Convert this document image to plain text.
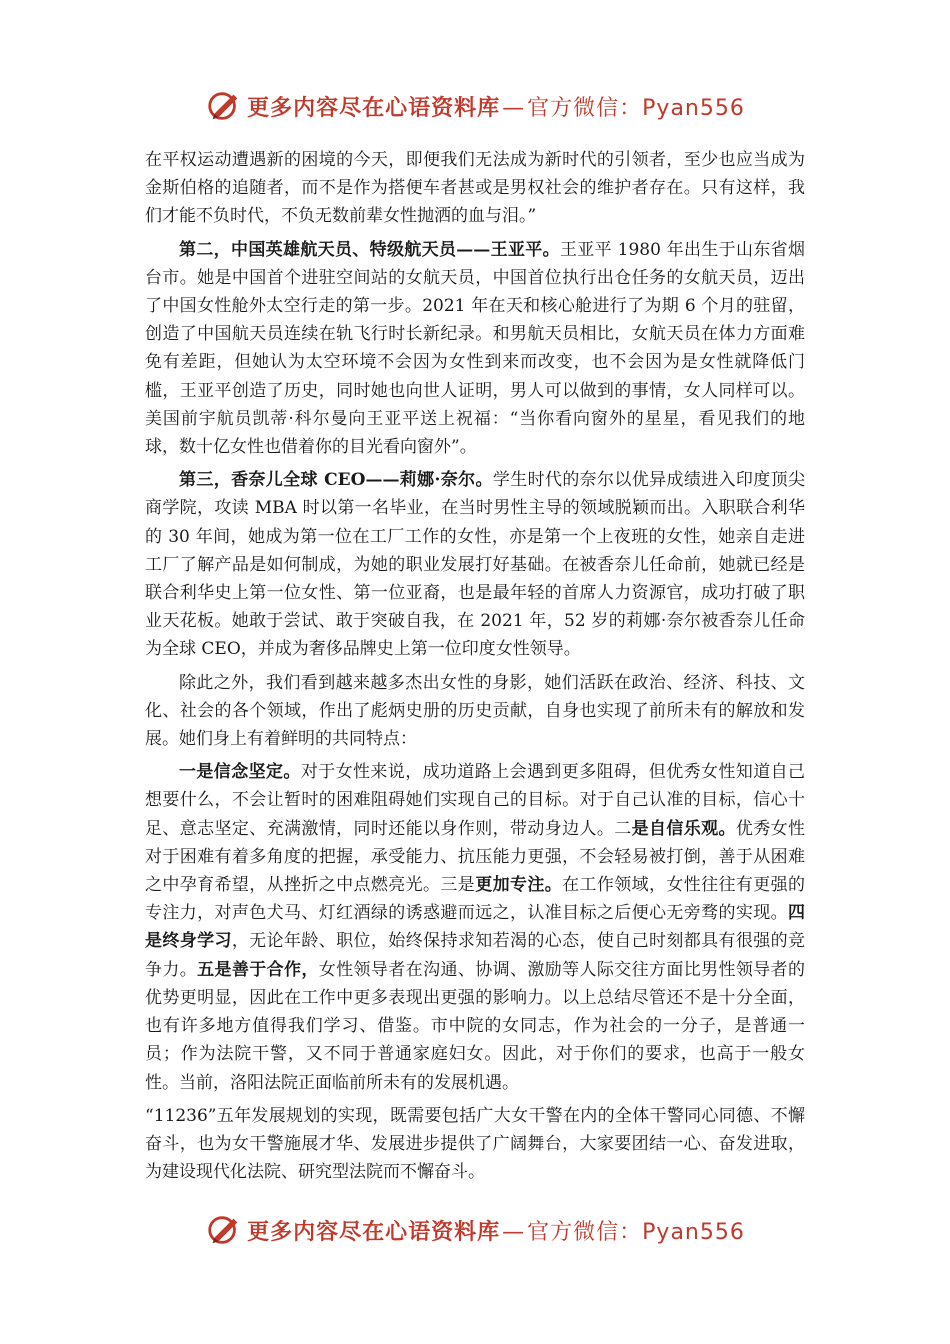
更多内容尽在心语资料库—官方微信：Pyan556

在平权运动遭遇新的困境的今天，即便我们无法成为新时代的引领者，至少也应当成为金斯伯格的追随者，而不是作为搭便车者甚或是男权社会的维护者存在。只有这样，我们才能不负时代，不负无数前辈女性抛洒的血与泪。”

第二，中国英雄航天员、特级航天员——王亚平。王亚平 1980 年出生于山东省烟台市。她是中国首个进驻空间站的女航天员，中国首位执行出仓任务的女航天员，迈出了中国女性舱外太空行走的第一步。2021 年在天和核心舱进行了为期 6 个月的驻留，创造了中国航天员连续在轨飞行时长新纪录。和男航天员相比，女航天员在体力方面难免有差距，但她认为太空环境不会因为女性到来而改变，也不会因为是女性就降低门槛，王亚平创造了历史，同时她也向世人证明，男人可以做到的事情，女人同样可以。美国前宇航员凯蒂·科尔曼向王亚平送上祝福：“当你看向窗外的星星，看见我们的地球，数十亿女性也借着你的目光看向窗外”。

第三，香奈儿全球 CEO——莉娜·奈尔。学生时代的奈尔以优异成绩进入印度顶尖商学院，攻读 MBA 时以第一名毕业，在当时男性主导的领域脱颖而出。入职联合利华的 30 年间，她成为第一位在工厂工作的女性，亦是第一个上夜班的女性，她亲自走进工厂了解产品是如何制成，为她的职业发展打好基础。在被香奈儿任命前，她就已经是联合利华史上第一位女性、第一位亚裔，也是最年轻的首席人力资源官，成功打破了职业天花板。她敢于尝试、敢于突破自我，在 2021 年，52 岁的莉娜·奈尔被香奈儿任命为全球 CEO，并成为奢侈品牌史上第一位印度女性领导。

除此之外，我们看到越来越多杰出女性的身影，她们活跃在政治、经济、科技、文化、社会的各个领域，作出了彪炳史册的历史贡献，自身也实现了前所未有的解放和发展。她们身上有着鲜明的共同特点：

一是信念坚定。对于女性来说，成功道路上会遇到更多阻碍，但优秀女性知道自己想要什么，不会让暂时的困难阻碍她们实现自己的目标。对于自己认准的目标，信心十足、意志坚定、充满激情，同时还能以身作则，带动身边人。二是自信乐观。优秀女性对于困难有着多角度的把握，承受能力、抗压能力更强，不会轻易被打倒，善于从困难之中孕育希望，从挫折之中点燃亮光。三是更加专注。在工作领域，女性往往有更强的专注力，对声色犬马、灯红酒绿的诱惑避而远之，认准目标之后便心无旁骛的实现。四是终身学习，无论年龄、职位，始终保持求知若渴的心态，使自己时刻都具有很强的竞争力。五是善于合作，女性领导者在沟通、协调、激励等人际交往方面比男性领导者的优势更明显，因此在工作中更多表现出更强的影响力。以上总结尽管还不是十分全面，也有许多地方值得我们学习、借鉴。市中院的女同志，作为社会的一分子，是普通一员；作为法院干警，又不同于普通家庭妇女。因此，对于你们的要求，也高于一般女性。当前，洛阳法院正面临前所未有的发展机遇。

“11236”五年发展规划的实现，既需要包括广大女干警在内的全体干警同心同德、不懈奋斗，也为女干警施展才华、发展进步提供了广阔舞台，大家要团结一心、奋发进取，为建设现代化法院、研究型法院而不懈奋斗。

更多内容尽在心语资料库—官方微信：Pyan556
